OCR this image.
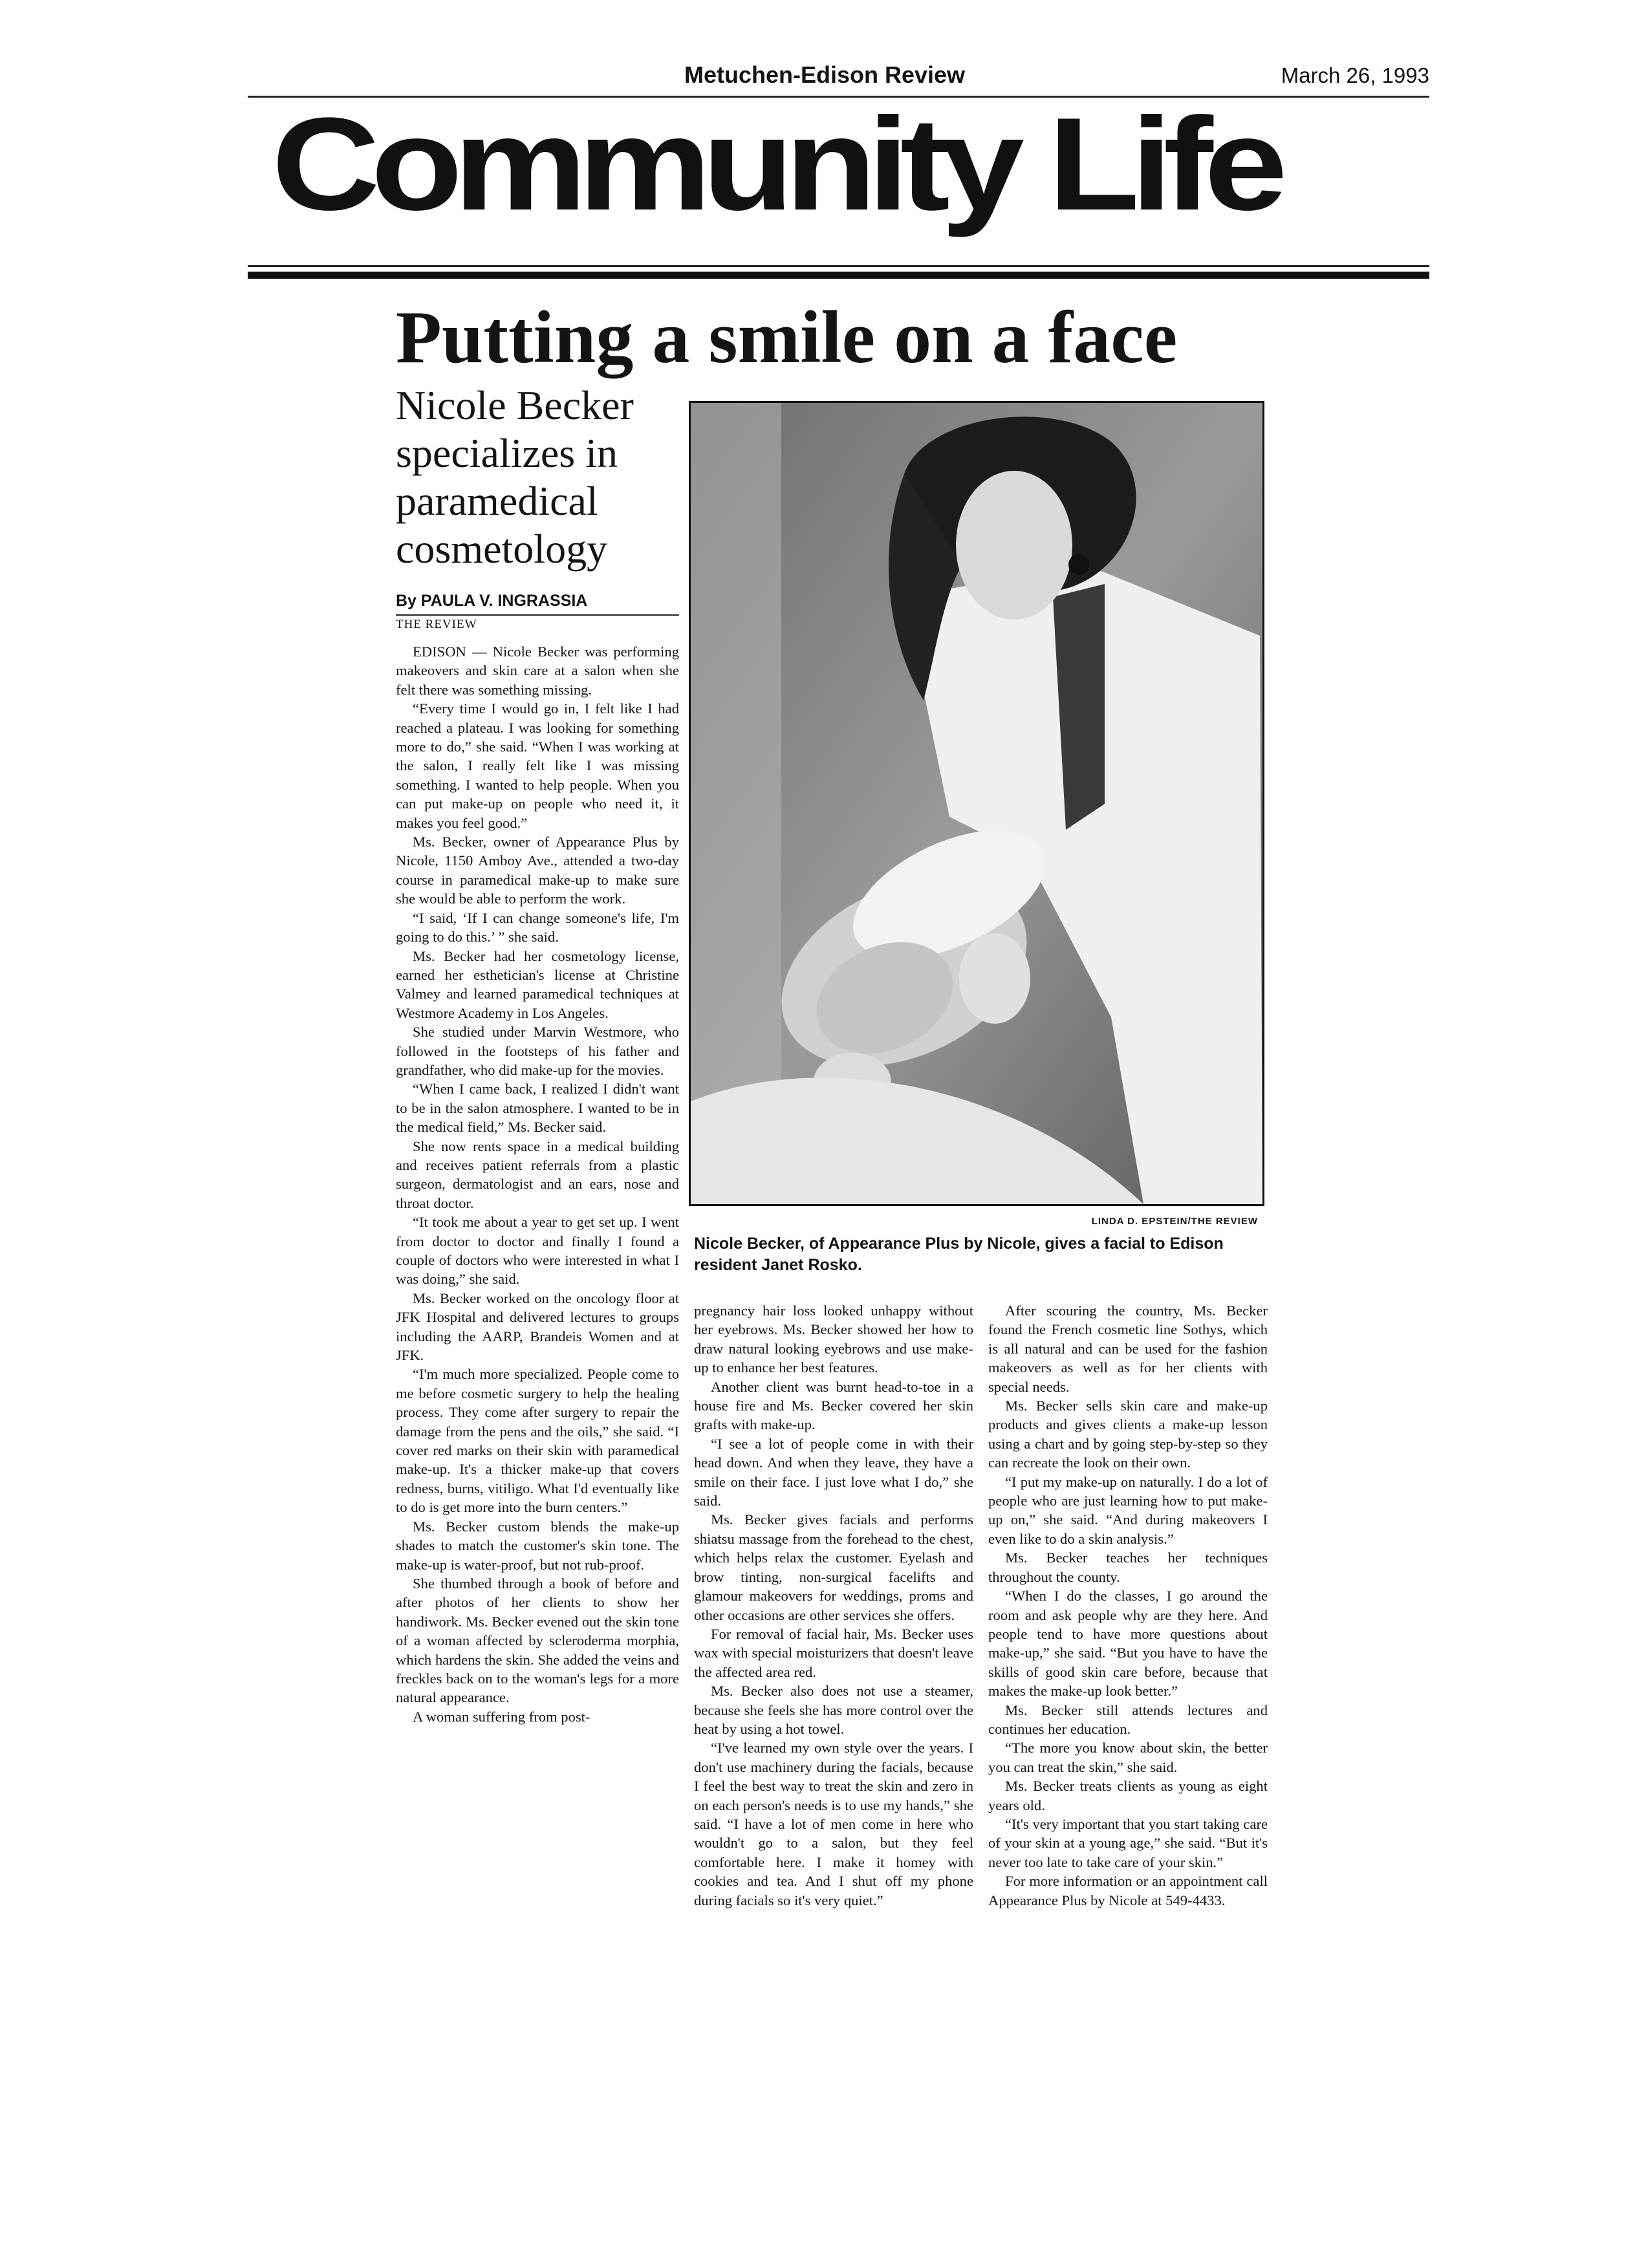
Metuchen-Edison Review	March 26, 1993
Community Life
Putting a smile on a face
Nicole Becker specializes in paramedical cosmetology
By PAULA V. INGRASSIA
THE REVIEW
LINDA D. EPSTEIN/THE REVIEW
Nicole Becker, of Appearance Plus by Nicole, gives a facial to Edison resident Janet Rosko.

EDISON — Nicole Becker was performing makeovers and skin care at a salon when she felt there was something missing.

“Every time I would go in, I felt like I had reached a plateau. I was looking for something more to do,” she said. “When I was working at the salon, I really felt like I was missing something. I wanted to help people. When you can put make-up on people who need it, it makes you feel good.”

Ms. Becker, owner of Appearance Plus by Nicole, 1150 Amboy Ave., attended a two-day course in paramedical make-up to make sure she would be able to perform the work.

“I said, ‘If I can change someone's life, I'm going to do this.’ ” she said.

Ms. Becker had her cosmetology license, earned her esthetician's license at Christine Valmey and learned paramedical techniques at Westmore Academy in Los Angeles.

She studied under Marvin Westmore, who followed in the footsteps of his father and grandfather, who did make-up for the movies.

“When I came back, I realized I didn't want to be in the salon atmosphere. I wanted to be in the medical field,” Ms. Becker said.

She now rents space in a medical building and receives patient referrals from a plastic surgeon, dermatologist and an ears, nose and throat doctor.

“It took me about a year to get set up. I went from doctor to doctor and finally I found a couple of doctors who were interested in what I was doing,” she said.

Ms. Becker worked on the oncology floor at JFK Hospital and delivered lectures to groups including the AARP, Brandeis Women and at JFK.

“I'm much more specialized. People come to me before cosmetic surgery to help the healing process. They come after surgery to repair the damage from the pens and the oils,” she said. “I cover red marks on their skin with paramedical make-up. It's a thicker make-up that covers redness, burns, vitiligo. What I'd eventually like to do is get more into the burn centers.”

Ms. Becker custom blends the make-up shades to match the customer's skin tone. The make-up is water-proof, but not rub-proof.

She thumbed through a book of before and after photos of her clients to show her handiwork. Ms. Becker evened out the skin tone of a woman affected by scleroderma morphia, which hardens the skin. She added the veins and freckles back on to the woman's legs for a more natural appearance.

A woman suffering from post-

pregnancy hair loss looked unhappy without her eyebrows. Ms. Becker showed her how to draw natural looking eyebrows and use make-up to enhance her best features.

Another client was burnt head-to-toe in a house fire and Ms. Becker covered her skin grafts with make-up.

“I see a lot of people come in with their head down. And when they leave, they have a smile on their face. I just love what I do,” she said.

Ms. Becker gives facials and performs shiatsu massage from the forehead to the chest, which helps relax the customer. Eyelash and brow tinting, non-surgical facelifts and glamour makeovers for weddings, proms and other occasions are other services she offers.

For removal of facial hair, Ms. Becker uses wax with special moisturizers that doesn't leave the affected area red.

Ms. Becker also does not use a steamer, because she feels she has more control over the heat by using a hot towel.

“I've learned my own style over the years. I don't use machinery during the facials, because I feel the best way to treat the skin and zero in on each person's needs is to use my hands,” she said. “I have a lot of men come in here who wouldn't go to a salon, but they feel comfortable here. I make it homey with cookies and tea. And I shut off my phone during facials so it's very quiet.”

After scouring the country, Ms. Becker found the French cosmetic line Sothys, which is all natural and can be used for the fashion makeovers as well as for her clients with special needs.

Ms. Becker sells skin care and make-up products and gives clients a make-up lesson using a chart and by going step-by-step so they can recreate the look on their own.

“I put my make-up on naturally. I do a lot of people who are just learning how to put make-up on,” she said. “And during makeovers I even like to do a skin analysis.”

Ms. Becker teaches her techniques throughout the county.

“When I do the classes, I go around the room and ask people why are they here. And people tend to have more questions about make-up,” she said. “But you have to have the skills of good skin care before, because that makes the make-up look better.”

Ms. Becker still attends lectures and continues her education.

“The more you know about skin, the better you can treat the skin,” she said.

Ms. Becker treats clients as young as eight years old.

“It's very important that you start taking care of your skin at a young age,” she said. “But it's never too late to take care of your skin.”

For more information or an appointment call Appearance Plus by Nicole at 549-4433.
